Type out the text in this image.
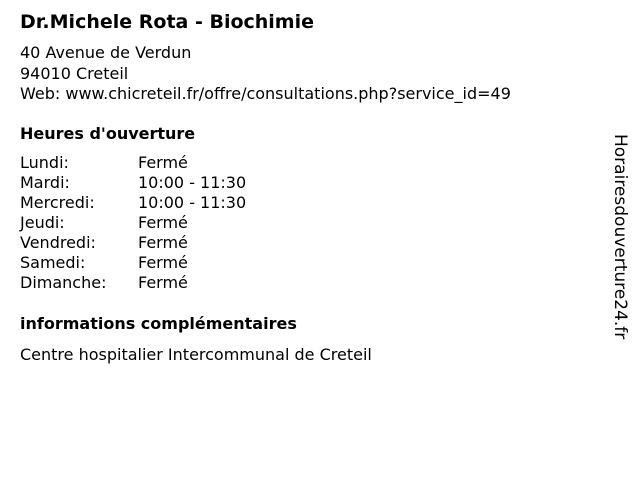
Dr.Michele Rota - Biochimie
40 Avenue de Verdun
94010 Creteil
Web: www.chicreteil.fr/offre/consultations.php?service_id=49
Heures d'ouverture
Lundi:	Fermé
Mardi:	10:00 - 11:30
Mercredi:	10:00 - 11:30
Jeudi:	Fermé
Vendredi:	Fermé
Samedi:	Fermé
Dimanche: Fermé
informations complémentaires
Centre hospitalier Intercommunal de Creteil
Horairesdouverture24.fr
